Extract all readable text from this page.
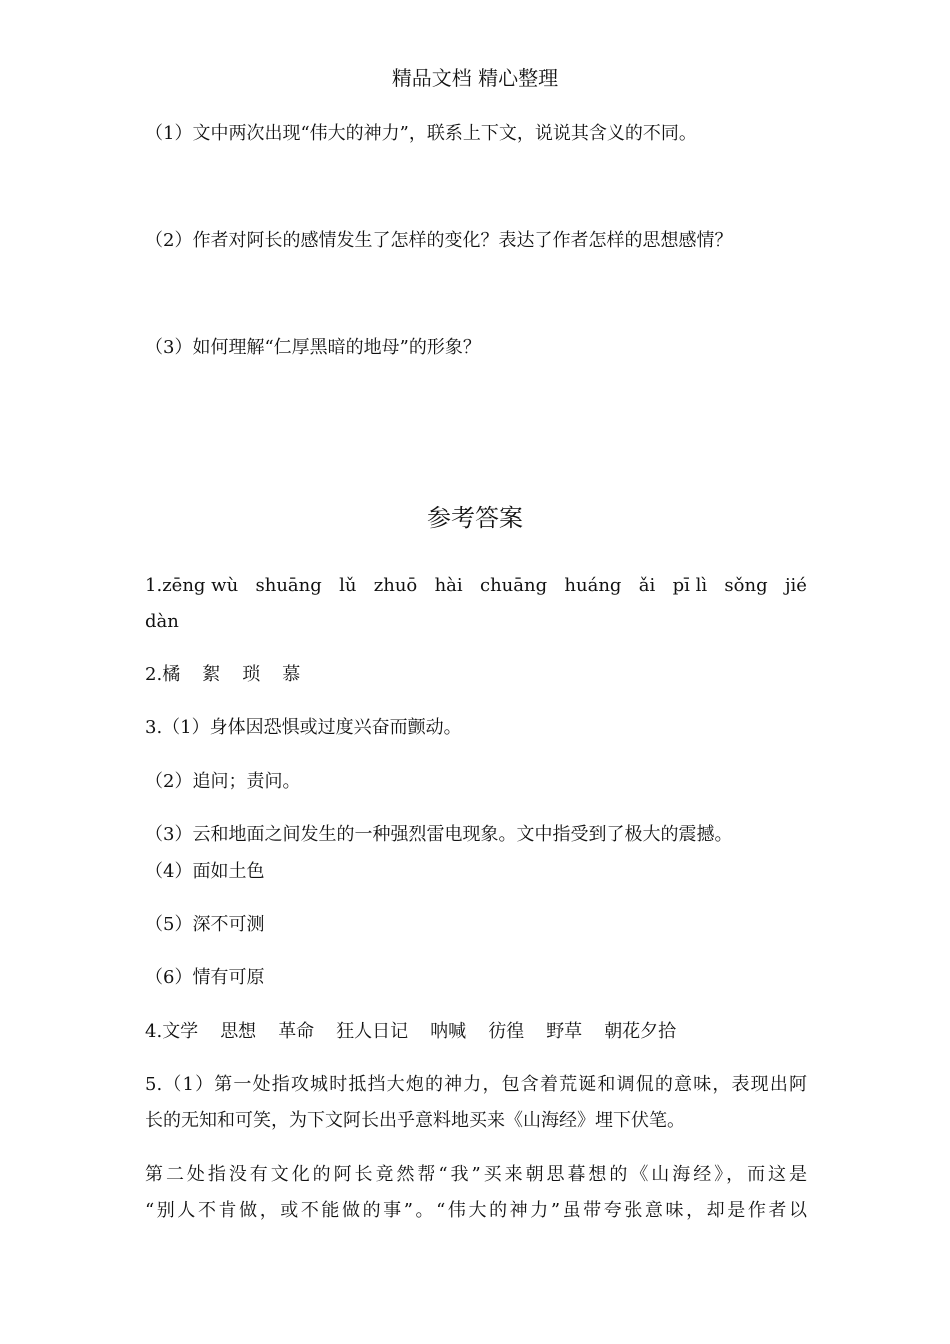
精品文档 精心整理
（1）文中两次出现“伟大的神力”，联系上下文，说说其含义的不同。
（2）作者对阿长的感情发生了怎样的变化？表达了作者怎样的思想感情？
（3）如何理解“仁厚黑暗的地母”的形象？
参考答案
1.zēng wù shuāng lǔ zhuō hài chuāng huáng ǎi pī lì sǒng jié
dàn
2.橘 絮 琐 慕
3.（1）身体因恐惧或过度兴奋而颤动。
（2）追问；责问。
（3）云和地面之间发生的一种强烈雷电现象。文中指受到了极大的震撼。
（4）面如土色
（5）深不可测
（6）情有可原
4.文学 思想 革命 狂人日记 呐喊 彷徨 野草 朝花夕拾
5.（1）第一处指攻城时抵挡大炮的神力，包含着荒诞和调侃的意味，表现出阿
长的无知和可笑，为下文阿长出乎意料地买来《山海经》埋下伏笔。
第二处指没有文化的阿长竟然帮“我”买来朝思暮想的《山海经》，而这是
“别人不肯做，或不能做的事”。“伟大的神力”虽带夸张意味，却是作者以
